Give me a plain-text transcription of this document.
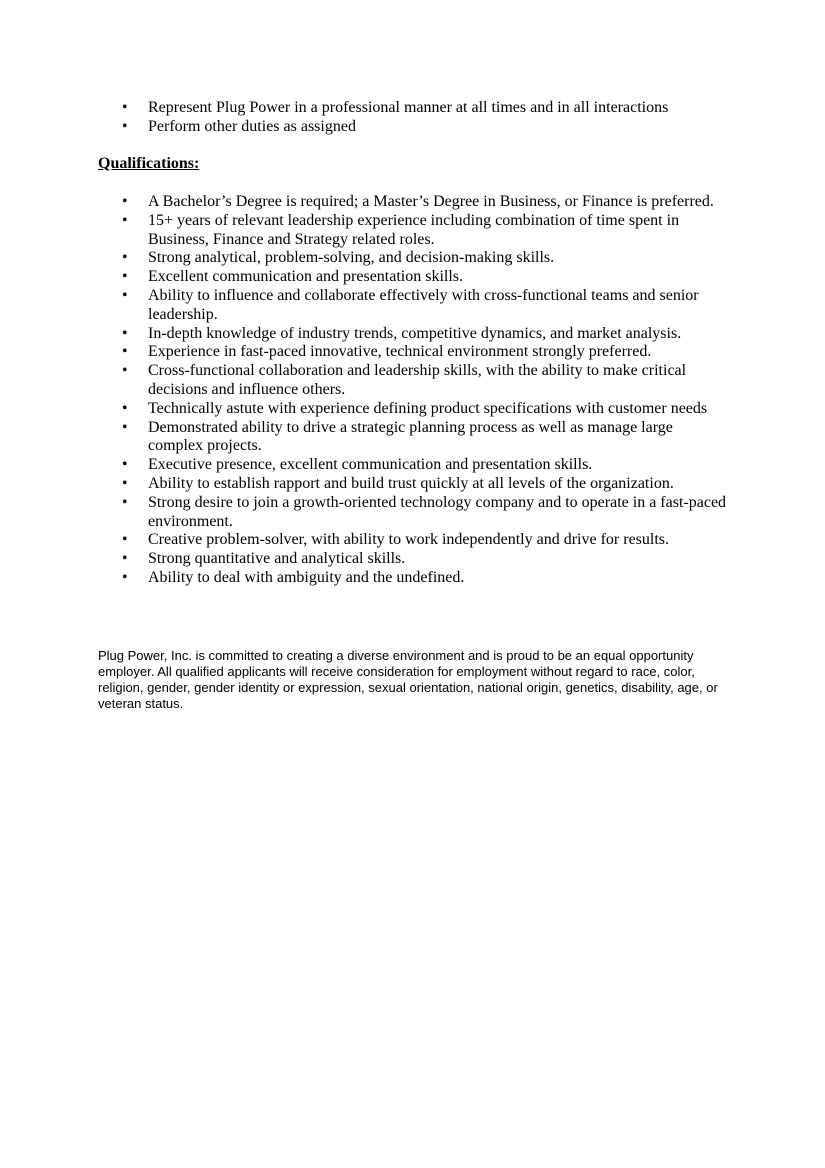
• Represent Plug Power in a professional manner at all times and in all interactions
• Perform other duties as assigned
Qualifications:
• A Bachelor’s Degree is required; a Master’s Degree in Business, or Finance is preferred.
• 15+ years of relevant leadership experience including combination of time spent in Business, Finance and Strategy related roles.
• Strong analytical, problem-solving, and decision-making skills.
• Excellent communication and presentation skills.
• Ability to influence and collaborate effectively with cross-functional teams and senior leadership.
• In-depth knowledge of industry trends, competitive dynamics, and market analysis.
• Experience in fast-paced innovative, technical environment strongly preferred.
• Cross-functional collaboration and leadership skills, with the ability to make critical decisions and influence others.
• Technically astute with experience defining product specifications with customer needs
• Demonstrated ability to drive a strategic planning process as well as manage large complex projects.
• Executive presence, excellent communication and presentation skills.
• Ability to establish rapport and build trust quickly at all levels of the organization.
• Strong desire to join a growth-oriented technology company and to operate in a fast-paced environment.
• Creative problem-solver, with ability to work independently and drive for results.
• Strong quantitative and analytical skills.
• Ability to deal with ambiguity and the undefined.
Plug Power, Inc. is committed to creating a diverse environment and is proud to be an equal opportunity employer. All qualified applicants will receive consideration for employment without regard to race, color, religion, gender, gender identity or expression, sexual orientation, national origin, genetics, disability, age, or veteran status.
